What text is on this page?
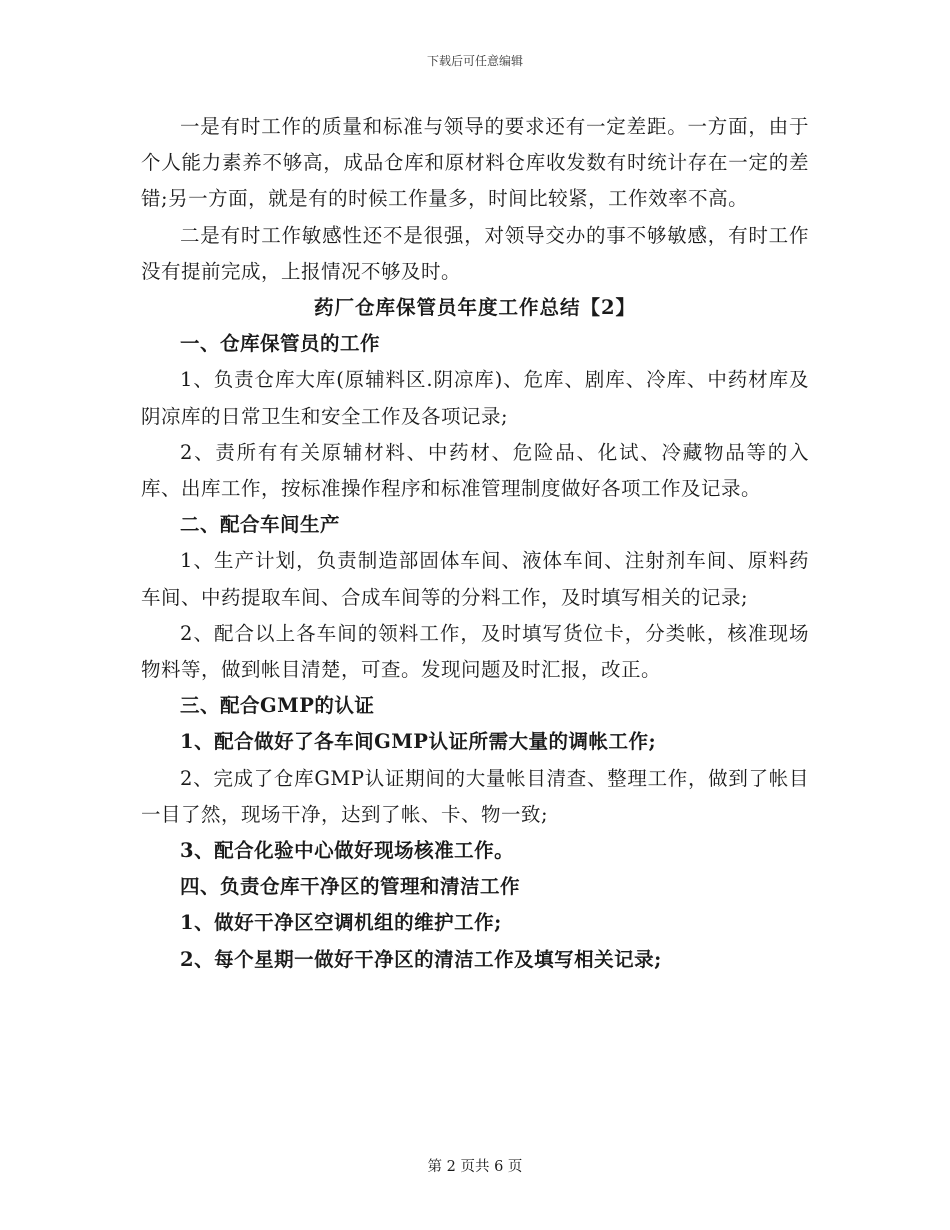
下载后可任意编辑

一是有时工作的质量和标准与领导的要求还有一定差距。一方面，由于个人能力素养不够高，成品仓库和原材料仓库收发数有时统计存在一定的差错;另一方面，就是有的时候工作量多，时间比较紧，工作效率不高。

二是有时工作敏感性还不是很强，对领导交办的事不够敏感，有时工作没有提前完成，上报情况不够及时。

药厂仓库保管员年度工作总结【2】

一、仓库保管员的工作

1、负责仓库大库(原辅料区.阴凉库)、危库、剧库、冷库、中药材库及阴凉库的日常卫生和安全工作及各项记录;

2、责所有有关原辅材料、中药材、危险品、化试、冷藏物品等的入库、出库工作，按标准操作程序和标准管理制度做好各项工作及记录。

二、配合车间生产

1、生产计划，负责制造部固体车间、液体车间、注射剂车间、原料药车间、中药提取车间、合成车间等的分料工作，及时填写相关的记录;

2、配合以上各车间的领料工作，及时填写货位卡，分类帐，核准现场物料等，做到帐目清楚，可查。发现问题及时汇报，改正。

三、配合GMP的认证

1、配合做好了各车间GMP认证所需大量的调帐工作;

2、完成了仓库GMP认证期间的大量帐目清查、整理工作，做到了帐目一目了然，现场干净，达到了帐、卡、物一致;

3、配合化验中心做好现场核准工作。

四、负责仓库干净区的管理和清洁工作

1、做好干净区空调机组的维护工作;

2、每个星期一做好干净区的清洁工作及填写相关记录;

第 2 页共 6 页
